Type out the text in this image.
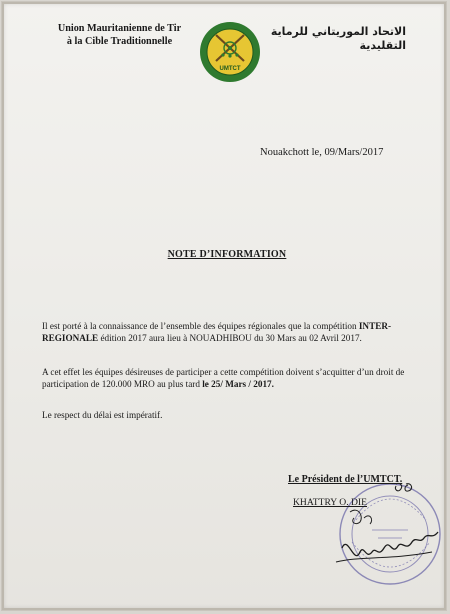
Union Mauritanienne de Tir
à la Cible Traditionnelle
UMTCT
الاتحاد الموريتاني للرماية
التقليدية
Nouakchott le, 09/Mars/2017
NOTE D’INFORMATION
Il est porté à la connaissance de l’ensemble des équipes régionales que la compétition INTER-REGIONALE édition 2017 aura lieu à NOUADHIBOU du 30 Mars au 02 Avril 2017.
A cet effet les équipes désireuses de participer a cette compétition doivent s’acquitter d’un droit de participation de 120.000 MRO au plus tard le 25/ Mars / 2017.
Le respect du délai est impératif.
Le Président de l’UMTCT.
KHATTRY O. DIE
